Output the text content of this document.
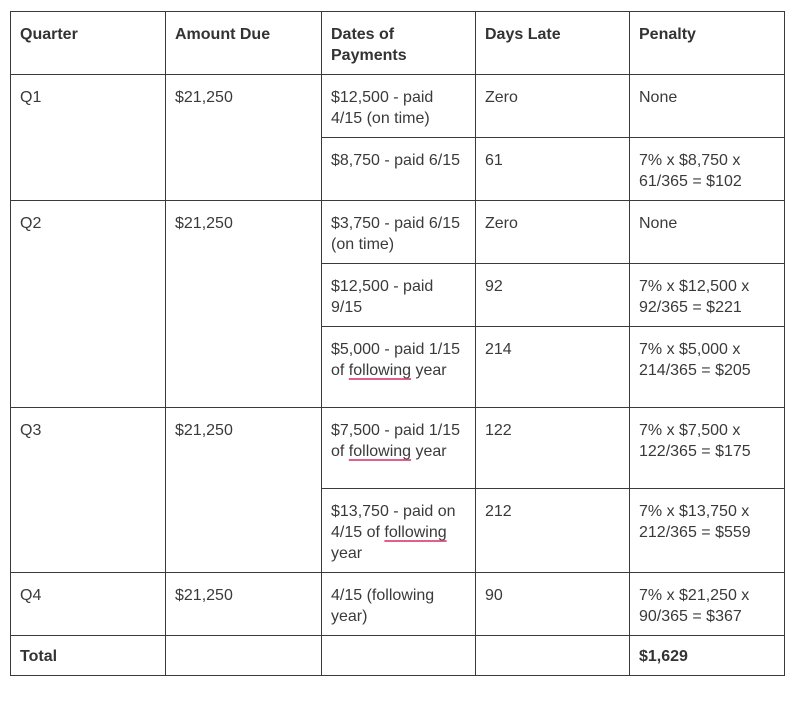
Quarter	Amount Due	Dates of Payments	Days Late	Penalty
Q1	$21,250	$12,500 - paid 4/15 (on time)	Zero	None
		$8,750 - paid 6/15	61	7% x $8,750 x 61/365 = $102
Q2	$21,250	$3,750 - paid 6/15 (on time)	Zero	None
		$12,500 - paid 9/15	92	7% x $12,500 x 92/365 = $221
		$5,000 - paid 1/15 of following year	214	7% x $5,000 x 214/365 = $205
Q3	$21,250	$7,500 - paid 1/15 of following year	122	7% x $7,500 x 122/365 = $175
		$13,750 - paid on 4/15 of following year	212	7% x $13,750 x 212/365 = $559
Q4	$21,250	4/15 (following year)	90	7% x $21,250 x 90/365 = $367
Total				$1,629
